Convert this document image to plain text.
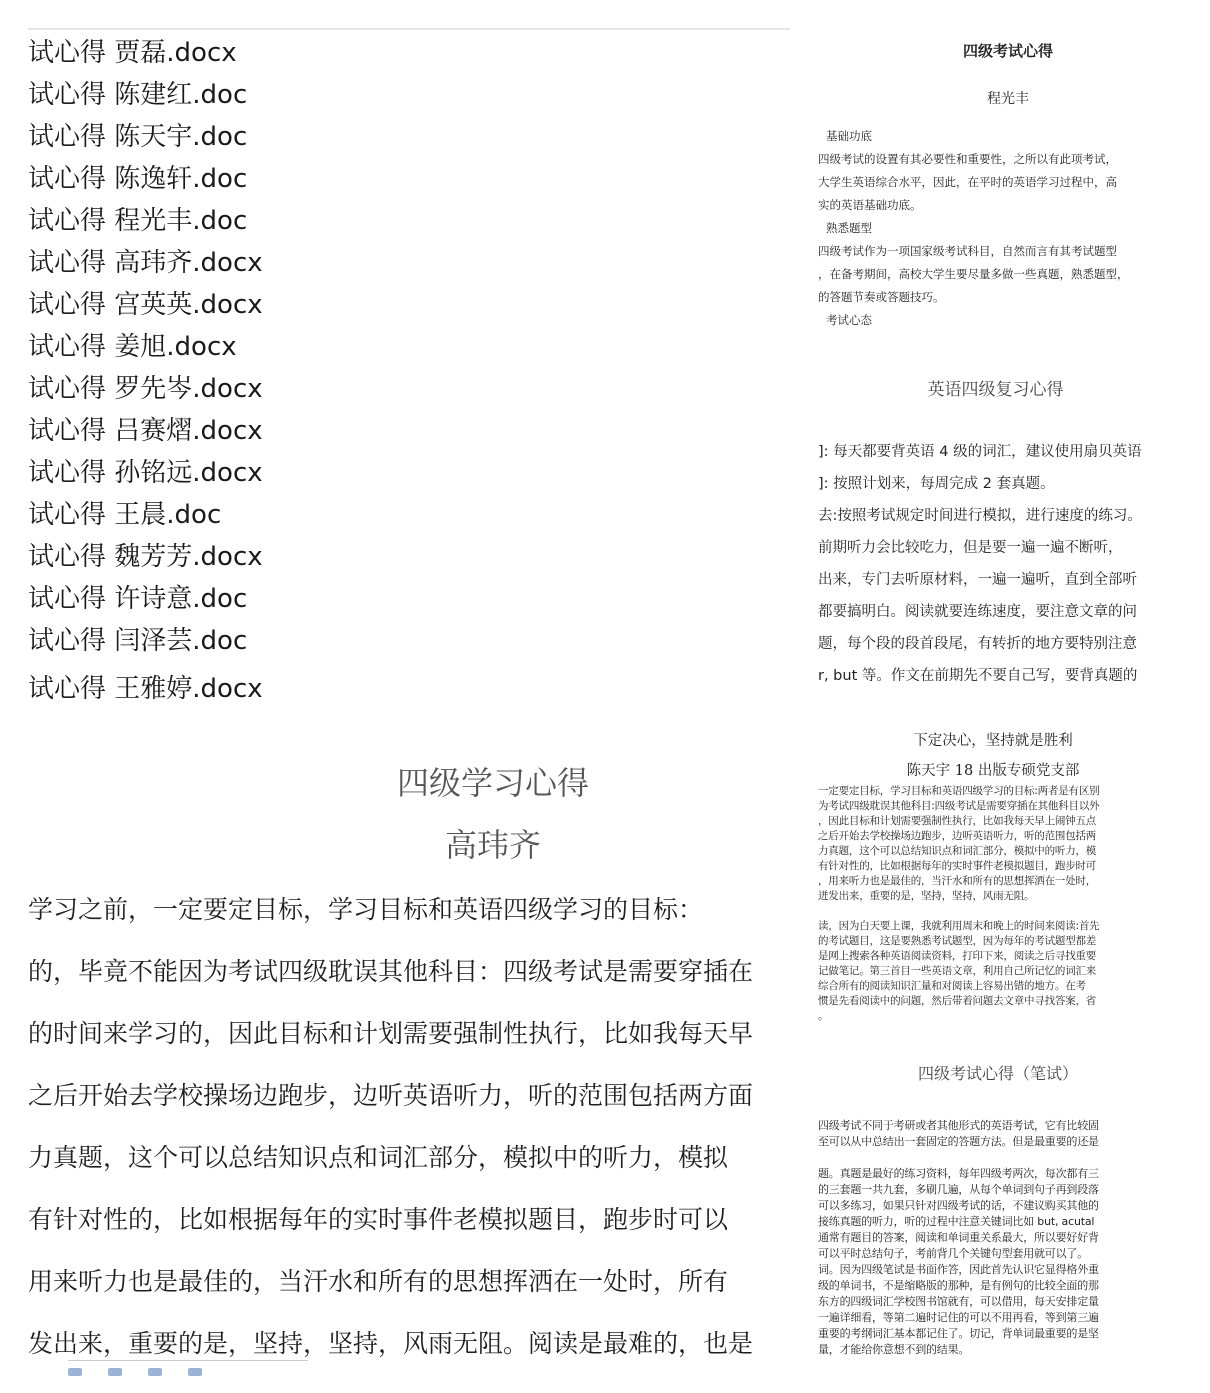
试心得 贾磊.docx
试心得 陈建红.doc
试心得 陈天宇.doc
试心得 陈逸轩.doc
试心得 程光丰.doc
试心得 高玮齐.docx
试心得 宫英英.docx
试心得 姜旭.docx
试心得 罗先岑.docx
试心得 吕赛熠.docx
试心得 孙铭远.docx
试心得 王晨.doc
试心得 魏芳芳.docx
试心得 许诗意.doc
试心得 闫泽芸.doc
试心得 王雅婷.docx
四级学习心得
高玮齐
学习之前，一定要定目标，学习目标和英语四级学习的目标：
的，毕竟不能因为考试四级耽误其他科目：四级考试是需要穿插在
的时间来学习的，因此目标和计划需要强制性执行，比如我每天早
之后开始去学校操场边跑步，边听英语听力，听的范围包括两方面
力真题，这个可以总结知识点和词汇部分，模拟中的听力，模拟
有针对性的，比如根据每年的实时事件老模拟题目，跑步时可以
用来听力也是最佳的，当汗水和所有的思想挥洒在一处时，所有
发出来，重要的是，坚持，坚持，风雨无阻。阅读是最难的，也是
四级考试心得
程光丰
基础功底
四级考试的设置有其必要性和重要性，之所以有此项考试，
大学生英语综合水平，因此，在平时的英语学习过程中，高
实的英语基础功底。
熟悉题型
四级考试作为一项国家级考试科目，自然而言有其考试题型
，在备考期间，高校大学生要尽量多做一些真题，熟悉题型，
的答题节奏或答题技巧。
考试心态
英语四级复习心得
]: 每天都要背英语 4 级的词汇，建议使用扇贝英语
]: 按照计划来，每周完成 2 套真题。
去:按照考试规定时间进行模拟，进行速度的练习。
前期听力会比较吃力，但是要一遍一遍不断听，
出来，专门去听原材料，一遍一遍听，直到全部听
都要搞明白。阅读就要连练速度，要注意文章的问
题，每个段的段首段尾，有转折的地方要特别注意
r, but 等。作文在前期先不要自己写，要背真题的
下定决心，坚持就是胜利
陈天宇 18 出版专硕党支部
一定要定目标，学习目标和英语四级学习的目标:两者是有区别
为考试四级耽误其他科目:四级考试是需要穿插在其他科目以外
，因此目标和计划需要强制性执行，比如我每天早上闹钟五点
之后开始去学校操场边跑步，边听英语听力，听的范围包括两
力真题，这个可以总结知识点和词汇部分，模拟中的听力，模
有针对性的，比如根据每年的实时事件老模拟题目，跑步时可
，用来听力也是最佳的，当汗水和所有的思想挥洒在一处时，
迸发出来，重要的是，坚持，坚持，风雨无阻。
读，因为白天要上课，我就利用周末和晚上的时间来阅读:首先
的考试题目，这是要熟悉考试题型，因为每年的考试题型都差
是网上搜索各种英语阅读资料，打印下来，阅读之后寻找重要
记做笔记。第三首目一些英语文章，利用自己所记忆的词汇来
综合所有的阅读知识汇量和对阅读上容易出错的地方。在考
惯是先看阅读中的问题，然后带着问题去文章中寻找答案，省
。
四级考试心得（笔试）
四级考试不同于考研或者其他形式的英语考试，它有比较固
至可以从中总结出一套固定的答题方法。但是最重要的还是
题。真题是最好的练习资料，每年四级考两次，每次都有三
的三套题一共九套，多刷几遍，从每个单词到句子再到段落
可以多练习，如果只针对四级考试的话，不建议购买其他的
接练真题的听力，听的过程中注意关键词比如 but, acutal
通常有题目的答案，阅读和单词重关系最大，所以要好好背
可以平时总结句子，考前背几个关键句型套用就可以了。
词。因为四级笔试是书面作答，因此首先认识它显得格外重
级的单词书，不是缩略版的那种，是有例句的比较全面的那
东方的四级词汇学校图书馆就有，可以借用，每天安排定量
一遍详细看，等第二遍时记住的可以不用再看，等到第三遍
重要的考纲词汇基本都记住了。切记，背单词最重要的是坚
量，才能给你意想不到的结果。
